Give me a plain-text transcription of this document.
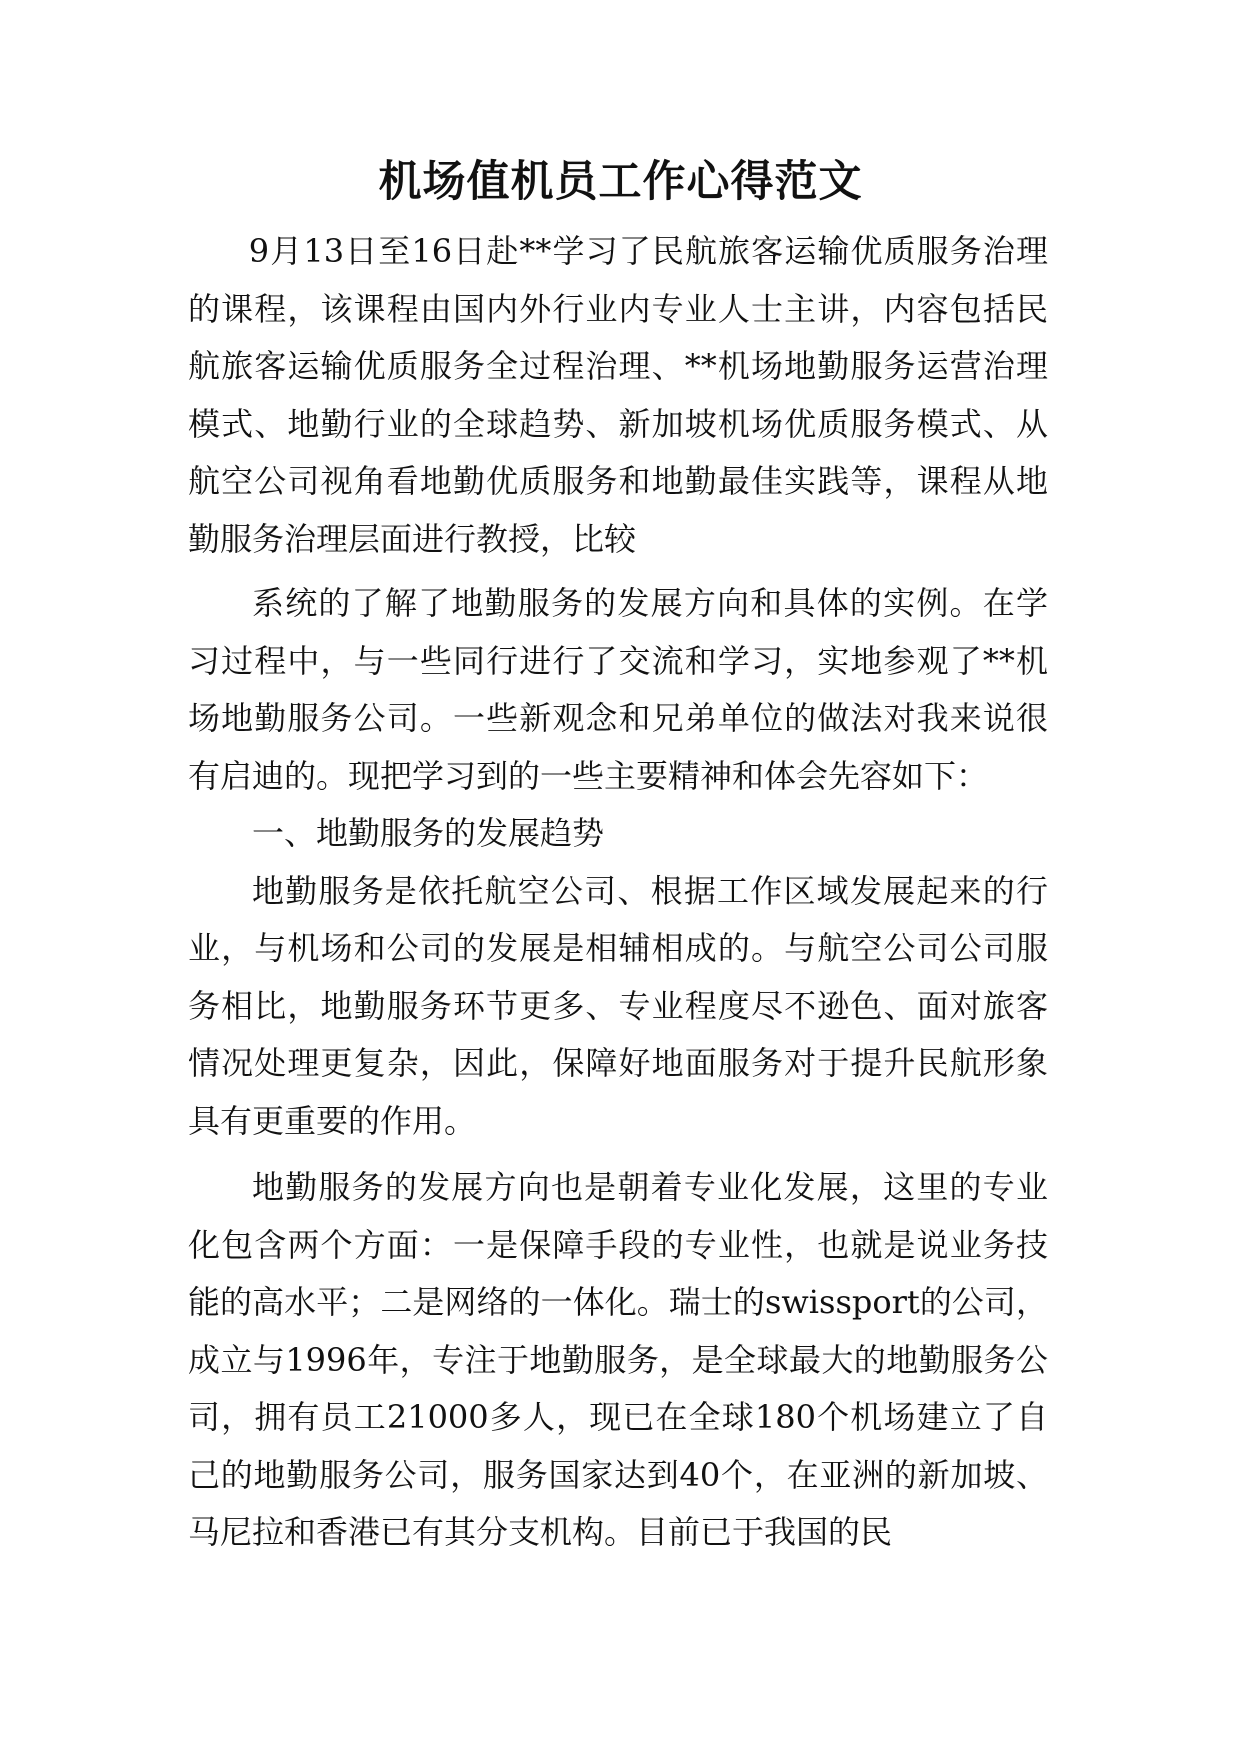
机场值机员工作心得范文

9月13日至16日赴**学习了民航旅客运输优质服务治理的课程，该课程由国内外行业内专业人士主讲，内容包括民航旅客运输优质服务全过程治理、**机场地勤服务运营治理模式、地勤行业的全球趋势、新加坡机场优质服务模式、从航空公司视角看地勤优质服务和地勤最佳实践等，课程从地勤服务治理层面进行教授，比较

系统的了解了地勤服务的发展方向和具体的实例。在学习过程中，与一些同行进行了交流和学习，实地参观了**机场地勤服务公司。一些新观念和兄弟单位的做法对我来说很有启迪的。现把学习到的一些主要精神和体会先容如下：

一、地勤服务的发展趋势

地勤服务是依托航空公司、根据工作区域发展起来的行业，与机场和公司的发展是相辅相成的。与航空公司公司服务相比，地勤服务环节更多、专业程度尽不逊色、面对旅客情况处理更复杂，因此，保障好地面服务对于提升民航形象具有更重要的作用。

地勤服务的发展方向也是朝着专业化发展，这里的专业化包含两个方面：一是保障手段的专业性，也就是说业务技能的高水平；二是网络的一体化。瑞士的swissport的公司，成立与1996年，专注于地勤服务，是全球最大的地勤服务公司，拥有员工21000多人，现已在全球180个机场建立了自己的地勤服务公司，服务国家达到40个，在亚洲的新加坡、马尼拉和香港已有其分支机构。目前已于我国的民
